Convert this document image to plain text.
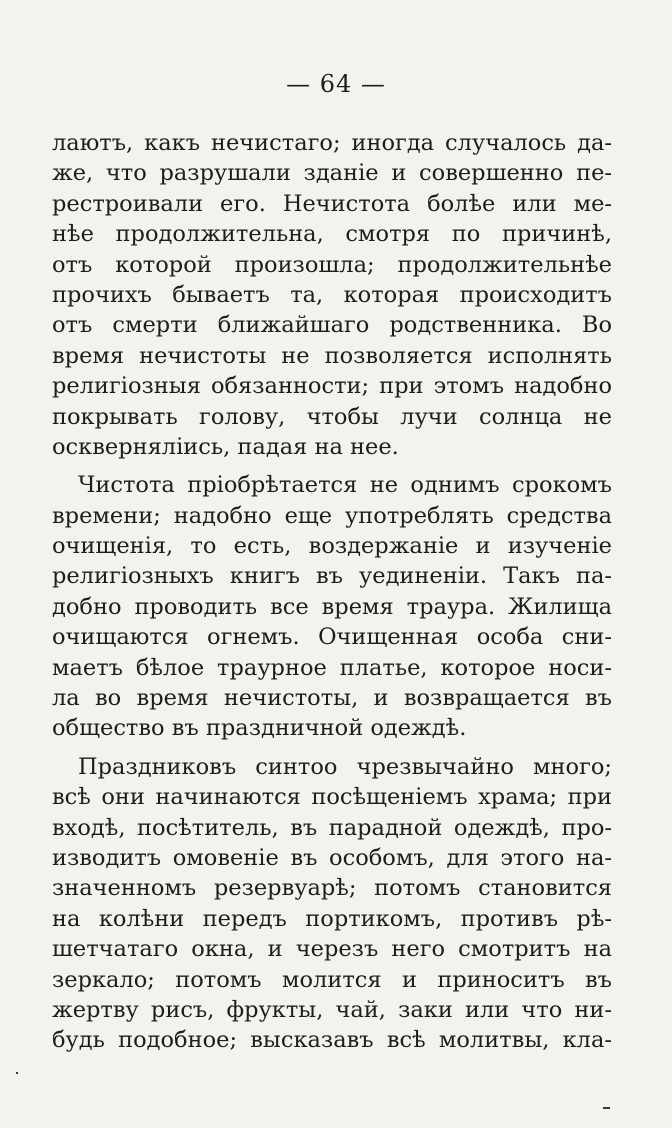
— 64 —
лаютъ, какъ нечистаго; иногда случалось да-
же, что разрушали зданіе и совершенно пе-
рестроивали его. Нечистота болѣе или ме-
нѣе продолжительна, смотря по причинѣ,
отъ которой произошла; продолжительнѣе
прочихъ бываетъ та, которая происходитъ
отъ смерти ближайшаго родственника. Во
время нечистоты не позволяется исполнять
религіозныя обязанности; при этомъ надобно
покрывать голову, чтобы лучи солнца не
оскверняліись, падая на нее.
Чистота пріобрѣтается не однимъ срокомъ
времени; надобно еще употреблять средства
очищенія, то есть, воздержаніе и изученіе
религіозныхъ книгъ въ уединеніи. Такъ па-
добно проводить все время траура. Жилища
очищаются огнемъ. Очищенная особа сни-
маетъ бѣлое траурное платье, которое носи-
ла во время нечистоты, и возвращается въ
общество въ праздничной одеждѣ.
Праздниковъ синтоо чрезвычайно много;
всѣ они начинаются посѣщеніемъ храма; при
входѣ, посѣтитель, въ парадной одеждѣ, про-
изводитъ омовеніе въ особомъ, для этого на-
значенномъ резервуарѣ; потомъ становится
на колѣни передъ портикомъ, противъ рѣ-
шетчатаго окна, и черезъ него смотритъ на
зеркало; потомъ молится и приноситъ въ
жертву рисъ, фрукты, чай, заки или что ни-
будь подобное; высказавъ всѣ молитвы, кла-
